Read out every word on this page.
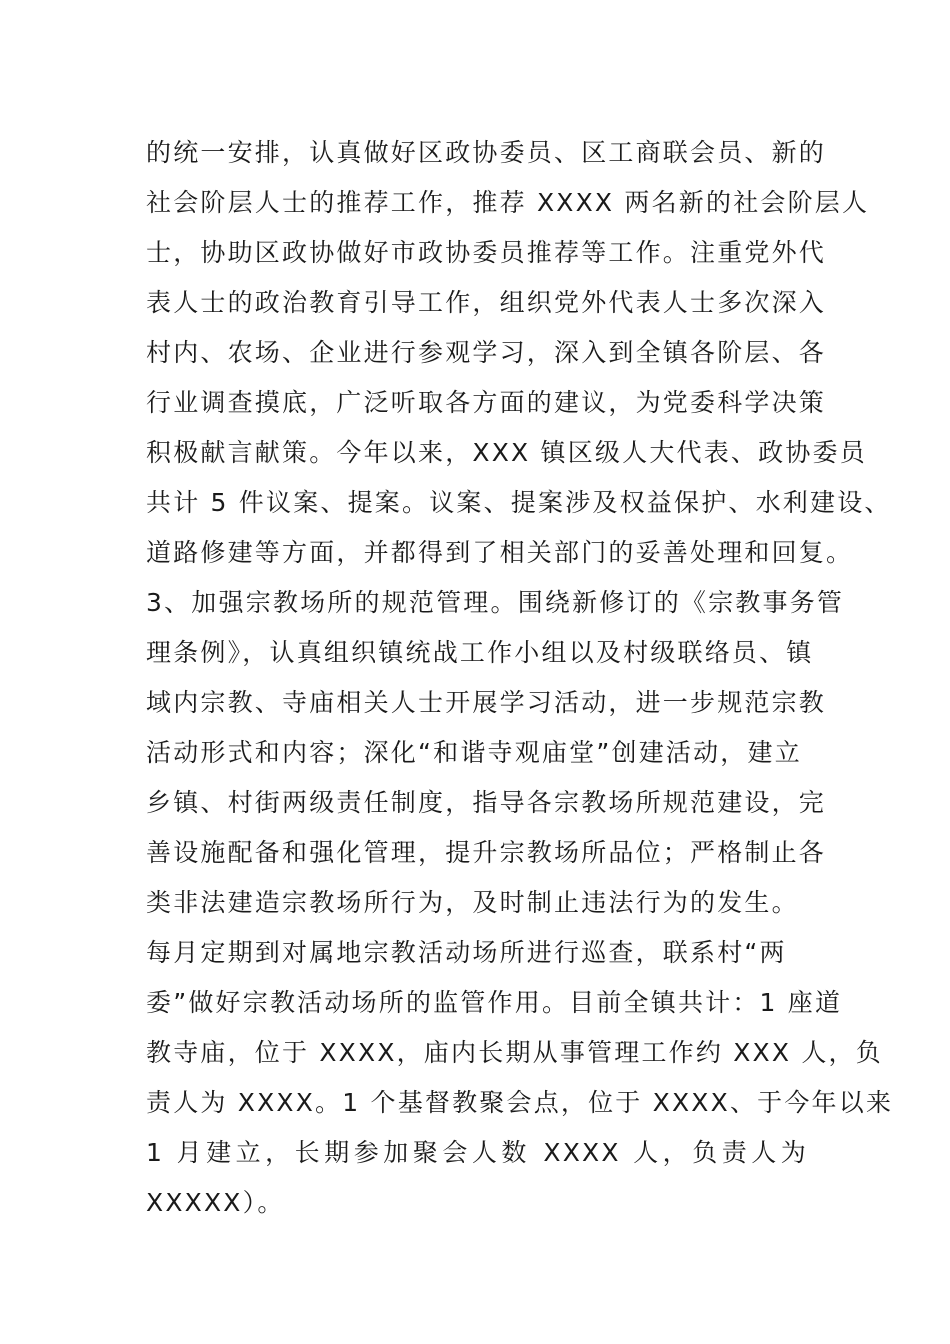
的统一安排，认真做好区政协委员、区工商联会员、新的
社会阶层人士的推荐工作，推荐 XXXX 两名新的社会阶层人
士，协助区政协做好市政协委员推荐等工作。注重党外代
表人士的政治教育引导工作，组织党外代表人士多次深入
村内、农场、企业进行参观学习，深入到全镇各阶层、各
行业调查摸底，广泛听取各方面的建议，为党委科学决策
积极献言献策。今年以来，XXX 镇区级人大代表、政协委员
共计 5 件议案、提案。议案、提案涉及权益保护、水利建设、
道路修建等方面，并都得到了相关部门的妥善处理和回复。
3、加强宗教场所的规范管理。围绕新修订的《宗教事务管
理条例》，认真组织镇统战工作小组以及村级联络员、镇
域内宗教、寺庙相关人士开展学习活动，进一步规范宗教
活动形式和内容；深化“和谐寺观庙堂”创建活动，建立
乡镇、村街两级责任制度，指导各宗教场所规范建设，完
善设施配备和强化管理，提升宗教场所品位；严格制止各
类非法建造宗教场所行为，及时制止违法行为的发生。
每月定期到对属地宗教活动场所进行巡查，联系村“两
委”做好宗教活动场所的监管作用。目前全镇共计：1 座道
教寺庙，位于 XXXX，庙内长期从事管理工作约 XXX 人，负
责人为 XXXX。1 个基督教聚会点，位于 XXXX、于今年以来
1 月建立，长期参加聚会人数 XXXX 人，负责人为
XXXXX）。
